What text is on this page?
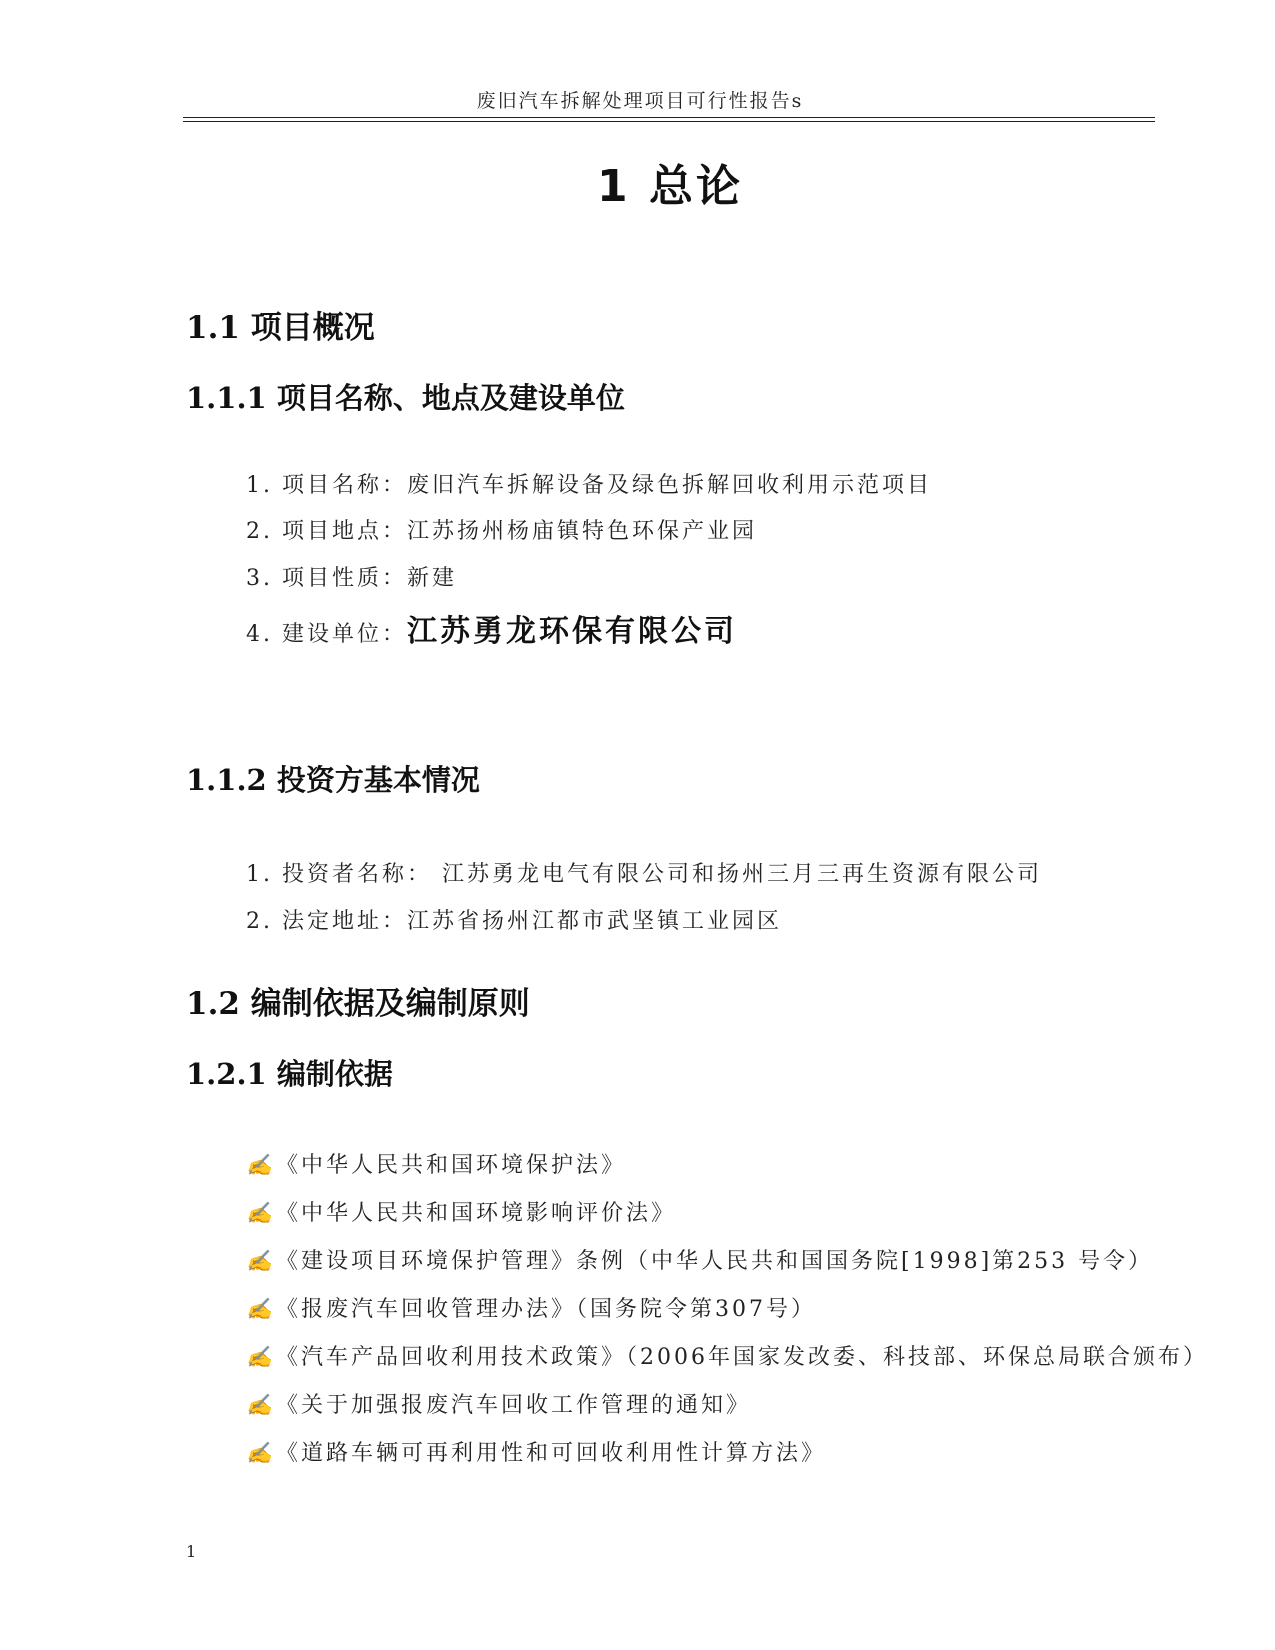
废旧汽车拆解处理项目可行性报告s
1 总论
1.1 项目概况
1.1.1 项目名称、地点及建设单位
1. 项目名称：废旧汽车拆解设备及绿色拆解回收利用示范项目
2. 项目地点：江苏扬州杨庙镇特色环保产业园
3. 项目性质：新建
4. 建设单位：江苏勇龙环保有限公司
1.1.2 投资方基本情况
1. 投资者名称： 江苏勇龙电气有限公司和扬州三月三再生资源有限公司
2. 法定地址：江苏省扬州江都市武坚镇工业园区
1.2 编制依据及编制原则
1.2.1 编制依据
✍《中华人民共和国环境保护法》
✍《中华人民共和国环境影响评价法》
✍《建设项目环境保护管理》条例（中华人民共和国国务院[1998]第253 号令）
✍《报废汽车回收管理办法》（国务院令第307号）
✍《汽车产品回收利用技术政策》（2006年国家发改委、科技部、环保总局联合颁布）
✍《关于加强报废汽车回收工作管理的通知》
✍《道路车辆可再利用性和可回收利用性计算方法》
1
